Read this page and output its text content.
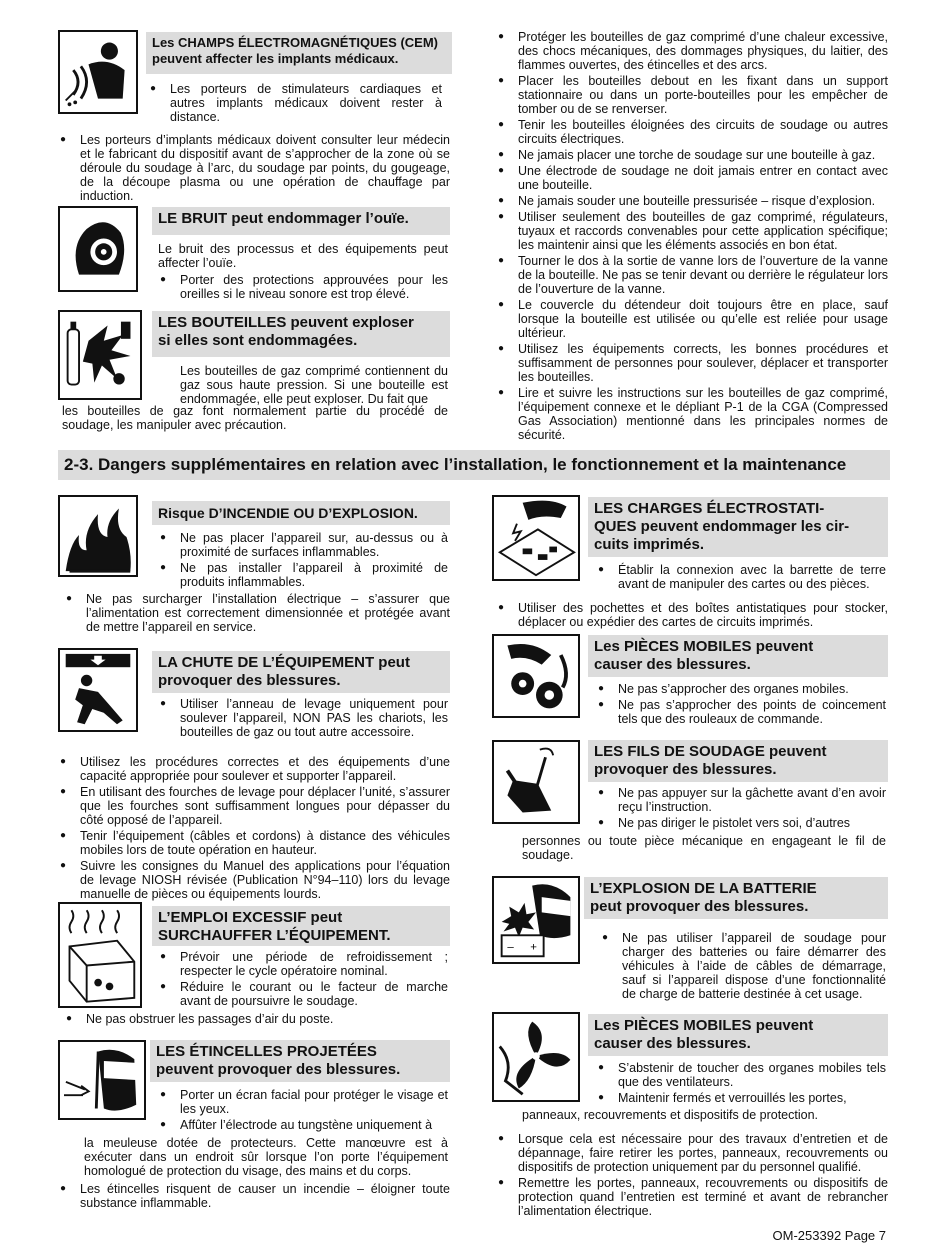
Les CHAMPS ÉLECTROMAGNÉTIQUES (CEM)
peuvent affecter les implants médicaux.
● Les porteurs de stimulateurs cardiaques et autres implants médicaux doivent rester à distance.
● Les porteurs d’implants médicaux doivent consulter leur médecin et le fabricant du dispositif avant de s’approcher de la zone où se déroule du soudage à l’arc, du soudage par points, du gougeage, de la découpe plasma ou une opération de chauffage par induction.
LE BRUIT peut endommager l’ouïe.
Le bruit des processus et des équipements peut affecter l’ouïe.
● Porter des protections approuvées pour les oreilles si le niveau sonore est trop élevé.
LES BOUTEILLES peuvent exploser
si elles sont endommagées.
Les bouteilles de gaz comprimé contiennent du gaz sous haute pression. Si une bouteille est endommagée, elle peut exploser. Du fait que
les bouteilles de gaz font normalement partie du procédé de soudage, les manipuler avec précaution.
● Protéger les bouteilles de gaz comprimé d’une chaleur excessive, des chocs mécaniques, des dommages physiques, du laitier, des flammes ouvertes, des étincelles et des arcs.
● Placer les bouteilles debout en les fixant dans un support stationnaire ou dans un porte-bouteilles pour les empêcher de tomber ou de se renverser.
● Tenir les bouteilles éloignées des circuits de soudage ou autres circuits électriques.
● Ne jamais placer une torche de soudage sur une bouteille à gaz.
● Une électrode de soudage ne doit jamais entrer en contact avec une bouteille.
● Ne jamais souder une bouteille pressurisée – risque d’explosion.
● Utiliser seulement des bouteilles de gaz comprimé, régulateurs, tuyaux et raccords convenables pour cette application spécifique; les maintenir ainsi que les éléments associés en bon état.
● Tourner le dos à la sortie de vanne lors de l’ouverture de la vanne de la bouteille. Ne pas se tenir devant ou derrière le régulateur lors de l’ouverture de la vanne.
● Le couvercle du détendeur doit toujours être en place, sauf lorsque la bouteille est utilisée ou qu’elle est reliée pour usage ultérieur.
● Utilisez les équipements corrects, les bonnes procédures et suffisamment de personnes pour soulever, déplacer et transporter les bouteilles.
● Lire et suivre les instructions sur les bouteilles de gaz comprimé, l’équipement connexe et le dépliant P-1 de la CGA (Compressed Gas Association) mentionné dans les principales normes de sécurité.
2-3. Dangers supplémentaires en relation avec l’installation, le fonctionnement et la maintenance
Risque D’INCENDIE OU D’EXPLOSION.
● Ne pas placer l’appareil sur, au-dessus ou à proximité de surfaces inflammables.
● Ne pas installer l’appareil à proximité de produits inflammables.
● Ne pas surcharger l’installation électrique – s’assurer que l’alimentation est correctement dimensionnée et protégée avant de mettre l’appareil en service.
LA CHUTE DE L’ÉQUIPEMENT peut
provoquer des blessures.
● Utiliser l’anneau de levage uniquement pour soulever l’appareil, NON PAS les chariots, les bouteilles de gaz ou tout autre accessoire.
● Utilisez les procédures correctes et des équipements d’une capacité appropriée pour soulever et supporter l’appareil.
● En utilisant des fourches de levage pour déplacer l’unité, s’assurer que les fourches sont suffisamment longues pour dépasser du côté opposé de l’appareil.
● Tenir l’équipement (câbles et cordons) à distance des véhicules mobiles lors de toute opération en hauteur.
● Suivre les consignes du Manuel des applications pour l’équation de levage NIOSH révisée (Publication N°94–110) lors du levage manuelle de pièces ou équipements lourds.
L’EMPLOI EXCESSIF peut
SURCHAUFFER L’ÉQUIPEMENT.
● Prévoir une période de refroidissement ; respecter le cycle opératoire nominal.
● Réduire le courant ou le facteur de marche avant de poursuivre le soudage.
● Ne pas obstruer les passages d’air du poste.
LES ÉTINCELLES PROJETÉES
peuvent provoquer des blessures.
● Porter un écran facial pour protéger le visage et les yeux.
● Affûter l’électrode au tungstène uniquement à
la meuleuse dotée de protecteurs. Cette manœuvre est à exécuter dans un endroit sûr lorsque l’on porte l’équipement homologué de protection du visage, des mains et du corps.
● Les étincelles risquent de causer un incendie – éloigner toute substance inflammable.
LES CHARGES ÉLECTROSTATI-
QUES peuvent endommager les cir-
cuits imprimés.
● Établir la connexion avec la barrette de terre avant de manipuler des cartes ou des pièces.
● Utiliser des pochettes et des boîtes antistatiques pour stocker, déplacer ou expédier des cartes de circuits imprimés.
Les PIÈCES MOBILES peuvent
causer des blessures.
● Ne pas s’approcher des organes mobiles.
● Ne pas s’approcher des points de coincement tels que des rouleaux de commande.
LES FILS DE SOUDAGE peuvent
provoquer des blessures.
● Ne pas appuyer sur la gâchette avant d’en avoir reçu l’instruction.
● Ne pas diriger le pistolet vers soi, d’autres
personnes ou toute pièce mécanique en engageant le fil de soudage.
– +
L’EXPLOSION DE LA BATTERIE
peut provoquer des blessures.
● Ne pas utiliser l’appareil de soudage pour charger des batteries ou faire démarrer des véhicules à l’aide de câbles de démarrage, sauf si l’appareil dispose d’une fonctionnalité de charge de batterie destinée à cet usage.
Les PIÈCES MOBILES peuvent
causer des blessures.
● S’abstenir de toucher des organes mobiles tels que des ventilateurs.
● Maintenir fermés et verrouillés les portes,
panneaux, recouvrements et dispositifs de protection.
● Lorsque cela est nécessaire pour des travaux d’entretien et de dépannage, faire retirer les portes, panneaux, recouvrements ou dispositifs de protection uniquement par du personnel qualifié.
● Remettre les portes, panneaux, recouvrements ou dispositifs de protection quand l’entretien est terminé et avant de rebrancher l’alimentation électrique.
OM-253392 Page 7
